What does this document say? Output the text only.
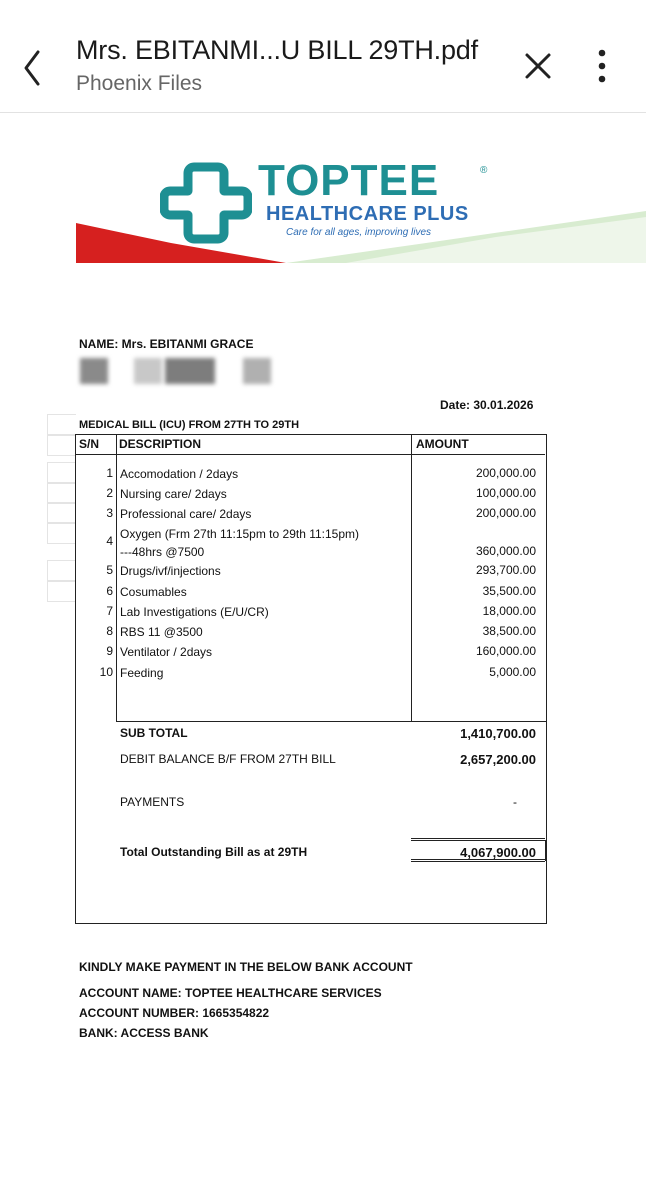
Mrs. EBITANMI...U BILL 29TH.pdf
Phoenix Files
TOPTEE	®
HEALTHCARE PLUS
Care for all ages, improving lives
NAME: Mrs. EBITANMI GRACE
Date: 30.01.2026
MEDICAL BILL (ICU) FROM 27TH TO 29TH
S/N DESCRIPTION	AMOUNT
1 Accomodation / 2days	200,000.00
2 Nursing care/ 2days	100,000.00
3 Professional care/ 2days	200,000.00
4 Oxygen (Frm 27th 11:15pm to 29th 11:15pm)
---48hrs @7500	360,000.00
5 Drugs/ivf/injections	293,700.00
6 Cosumables	35,500.00
7 Lab Investigations (E/U/CR)	18,000.00
8 RBS 11 @3500	38,500.00
9 Ventilator / 2days	160,000.00
10 Feeding	5,000.00
SUB TOTAL	1,410,700.00
DEBIT BALANCE B/F FROM 27TH BILL	2,657,200.00
PAYMENTS	-
Total Outstanding Bill as at 29TH	4,067,900.00
KINDLY MAKE PAYMENT IN THE BELOW BANK ACCOUNT
ACCOUNT NAME: TOPTEE HEALTHCARE SERVICES
ACCOUNT NUMBER: 1665354822
BANK: ACCESS BANK
